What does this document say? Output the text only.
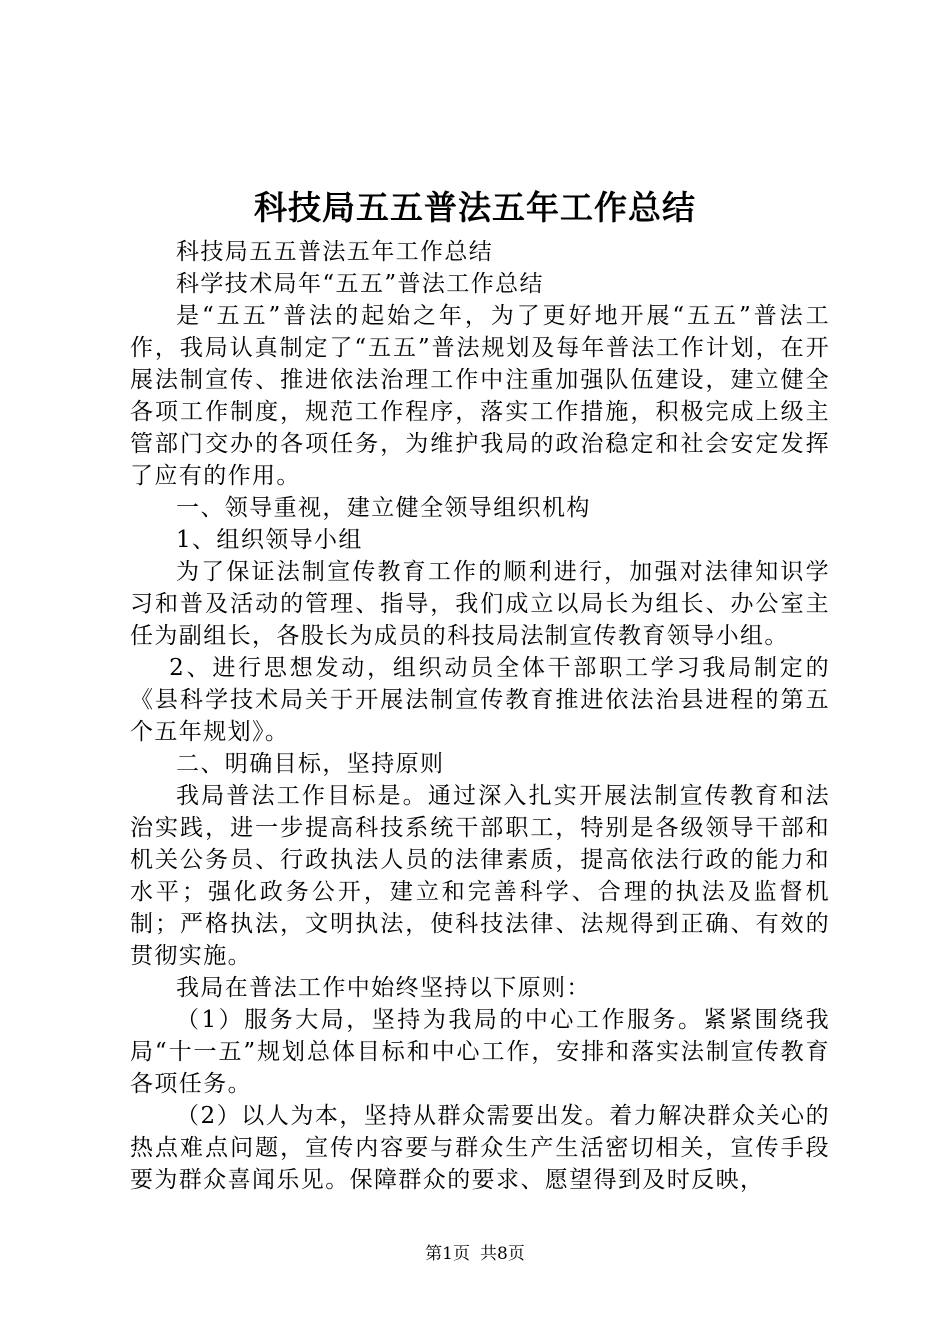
科技局五五普法五年工作总结

科技局五五普法五年工作总结

科学技术局年“五五”普法工作总结

是“五五”普法的起始之年，为了更好地开展“五五”普法工作，我局认真制定了“五五”普法规划及每年普法工作计划，在开展法制宣传、推进依法治理工作中注重加强队伍建设，建立健全各项工作制度，规范工作程序，落实工作措施，积极完成上级主管部门交办的各项任务，为维护我局的政治稳定和社会安定发挥了应有的作用。

一、领导重视，建立健全领导组织机构

1、组织领导小组

为了保证法制宣传教育工作的顺利进行，加强对法律知识学习和普及活动的管理、指导，我们成立以局长为组长、办公室主任为副组长，各股长为成员的科技局法制宣传教育领导小组。

2、进行思想发动，组织动员全体干部职工学习我局制定的《县科学技术局关于开展法制宣传教育推进依法治县进程的第五个五年规划》。

二、明确目标，坚持原则

我局普法工作目标是。通过深入扎实开展法制宣传教育和法治实践，进一步提高科技系统干部职工，特别是各级领导干部和机关公务员、行政执法人员的法律素质，提高依法行政的能力和水平；强化政务公开，建立和完善科学、合理的执法及监督机制；严格执法，文明执法，使科技法律、法规得到正确、有效的贯彻实施。

我局在普法工作中始终坚持以下原则：

（1）服务大局，坚持为我局的中心工作服务。紧紧围绕我局“十一五”规划总体目标和中心工作，安排和落实法制宣传教育各项任务。

（2）以人为本，坚持从群众需要出发。着力解决群众关心的热点难点问题，宣传内容要与群众生产生活密切相关，宣传手段要为群众喜闻乐见。保障群众的要求、愿望得到及时反映，

第1页 共8页
